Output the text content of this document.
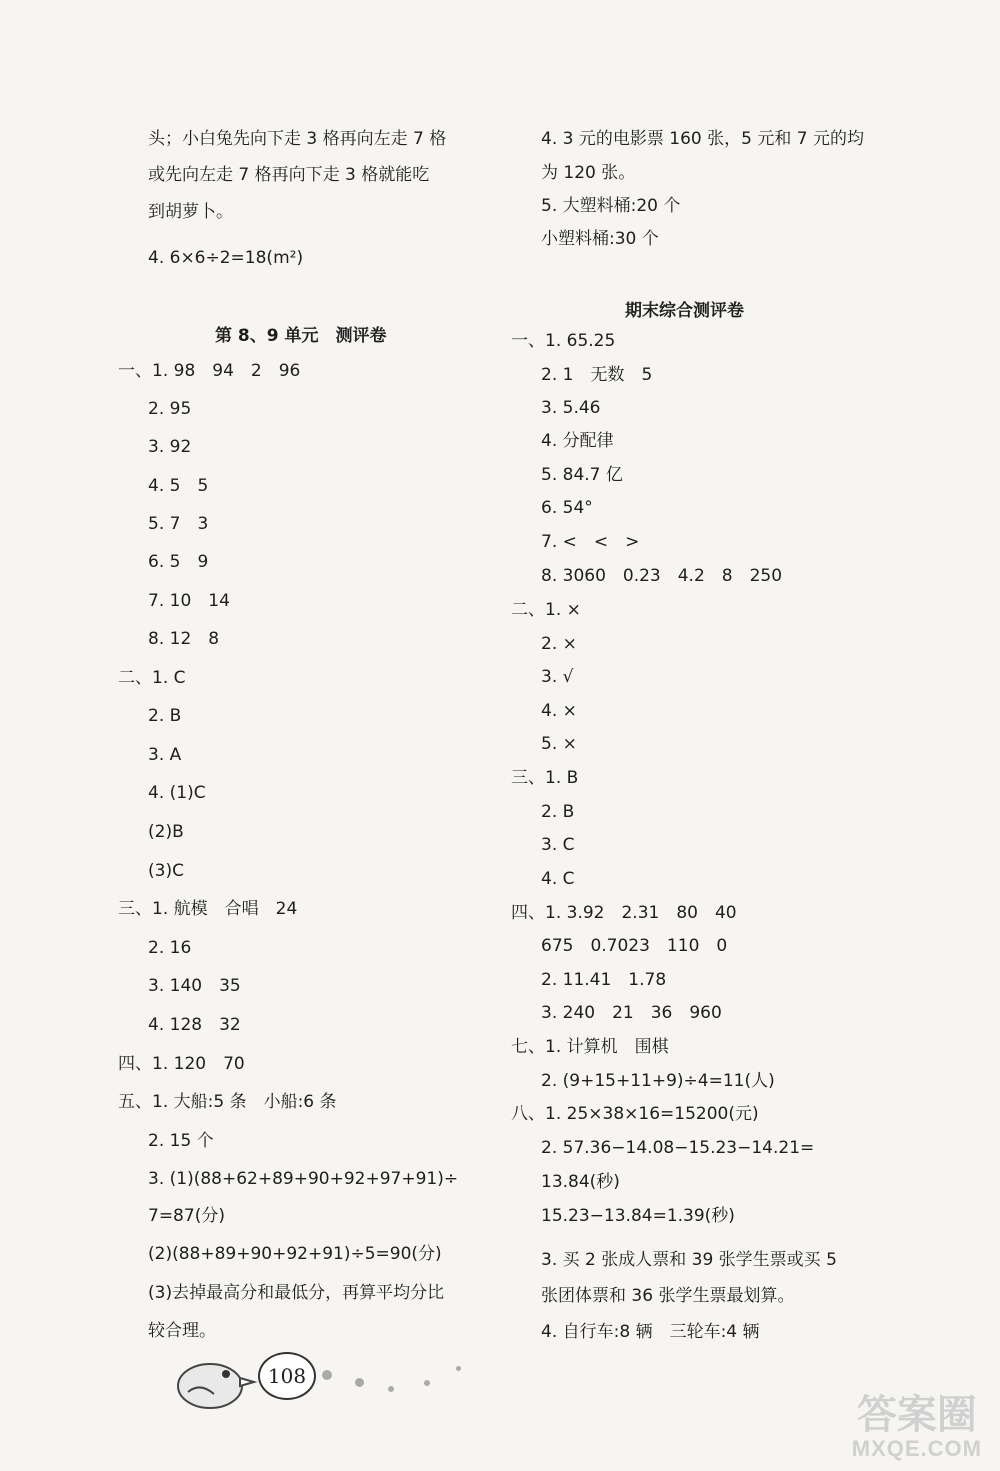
108
答案圈
MXQE.COM
头；小白兔先向下走 3 格再向左走 7 格
或先向左走 7 格再向下走 3 格就能吃
到胡萝卜。
4. 6×6÷2=18(m²)
一、1. 98　94　2　96
2. 95
3. 92
4. 5　5
5. 7　3
6. 5　9
7. 10　14
8. 12　8
二、1. C
2. B
3. A
4. (1)C
(2)B
(3)C
三、1. 航模　合唱　24
2. 16
3. 140　35
4. 128　32
四、1. 120　70
五、1. 大船:5 条　小船:6 条
2. 15 个
3. (1)(88+62+89+90+92+97+91)÷
7=87(分)
(2)(88+89+90+92+91)÷5=90(分)
(3)去掉最高分和最低分，再算平均分比
较合理。
第 8、9 单元　测评卷
4. 3 元的电影票 160 张，5 元和 7 元的均
为 120 张。
5. 大塑料桶:20 个
小塑料桶:30 个
一、1. 65.25
2. 1　无数　5
3. 5.46
4. 分配律
5. 84.7 亿
6. 54°
7. <　<　>
8. 3060　0.23　4.2　8　250
二、1. ×
2. ×
3. √
4. ×
5. ×
三、1. B
2. B
3. C
4. C
四、1. 3.92　2.31　80　40
675　0.7023　110　0
2. 11.41　1.78
3. 240　21　36　960
七、1. 计算机　围棋
2. (9+15+11+9)÷4=11(人)
八、1. 25×38×16=15200(元)
2. 57.36−14.08−15.23−14.21=
13.84(秒)
15.23−13.84=1.39(秒)
3. 买 2 张成人票和 39 张学生票或买 5
张团体票和 36 张学生票最划算。
4. 自行车:8 辆　三轮车:4 辆
期末综合测评卷
